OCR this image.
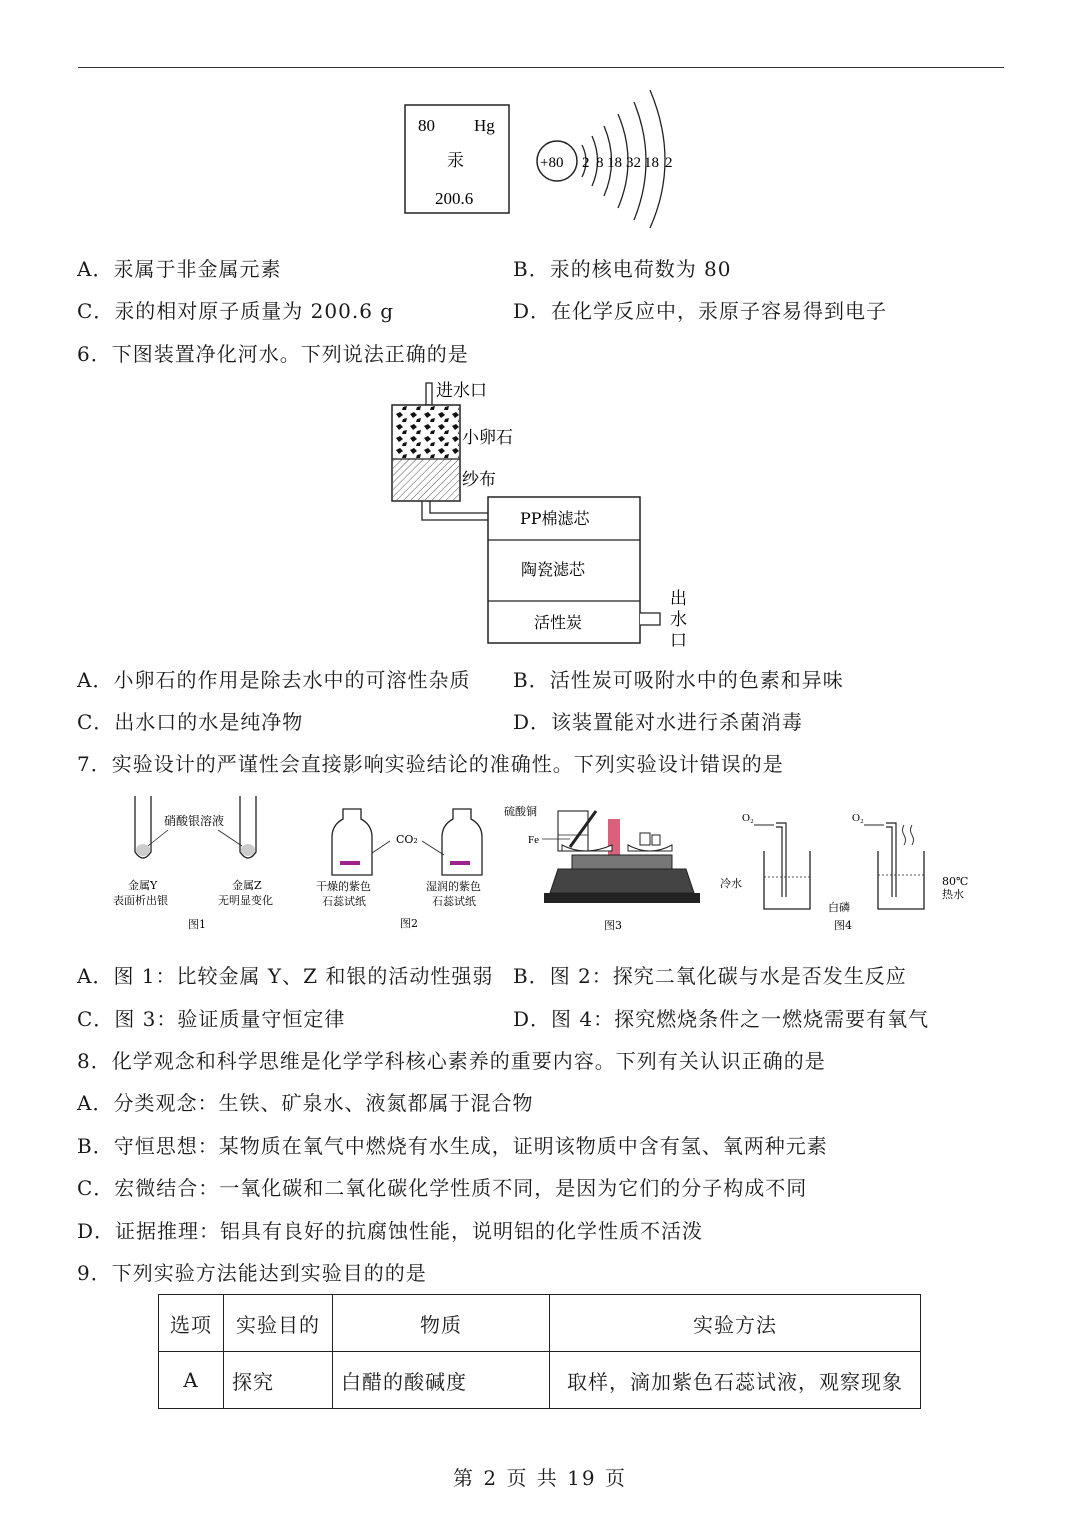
80 Hg
汞
200.6
+80 2 8 18 32 18 2
A．汞属于非金属元素	B．汞的核电荷数为 80
C．汞的相对原子质量为 200.6 g	D．在化学反应中，汞原子容易得到电子
6．下图装置净化河水。下列说法正确的是
进水口
小卵石
纱布
PP棉滤芯
陶瓷滤芯
活性炭
出
水
口
A．小卵石的作用是除去水中的可溶性杂质 B．活性炭可吸附水中的色素和异味
C．出水口的水是纯净物	D．该装置能对水进行杀菌消毒
7．实验设计的严谨性会直接影响实验结论的准确性。下列实验设计错误的是
硝酸银溶液
金属Y
表面析出银
金属Z
无明显变化
图1
CO₂
干燥的紫色
石蕊试纸
湿润的紫色
石蕊试纸
图2
硫酸铜
Fe
图3
O₂
冷水
O₂
80℃
热水
白磷
图4
A．图 1：比较金属 Y、Z 和银的活动性强弱 B．图 2：探究二氧化碳与水是否发生反应
C．图 3：验证质量守恒定律	D．图 4：探究燃烧条件之一燃烧需要有氧气
8．化学观念和科学思维是化学学科核心素养的重要内容。下列有关认识正确的是
A．分类观念：生铁、矿泉水、液氮都属于混合物
B．守恒思想：某物质在氧气中燃烧有水生成，证明该物质中含有氢、氧两种元素
C．宏微结合：一氧化碳和二氧化碳化学性质不同，是因为它们的分子构成不同
D．证据推理：铝具有良好的抗腐蚀性能，说明铝的化学性质不活泼
9．下列实验方法能达到实验目的的是
选项	实验目的	物质	实验方法
A	探究	白醋的酸碱度	取样，滴加紫色石蕊试液，观察现象
第 2 页 共 19 页
